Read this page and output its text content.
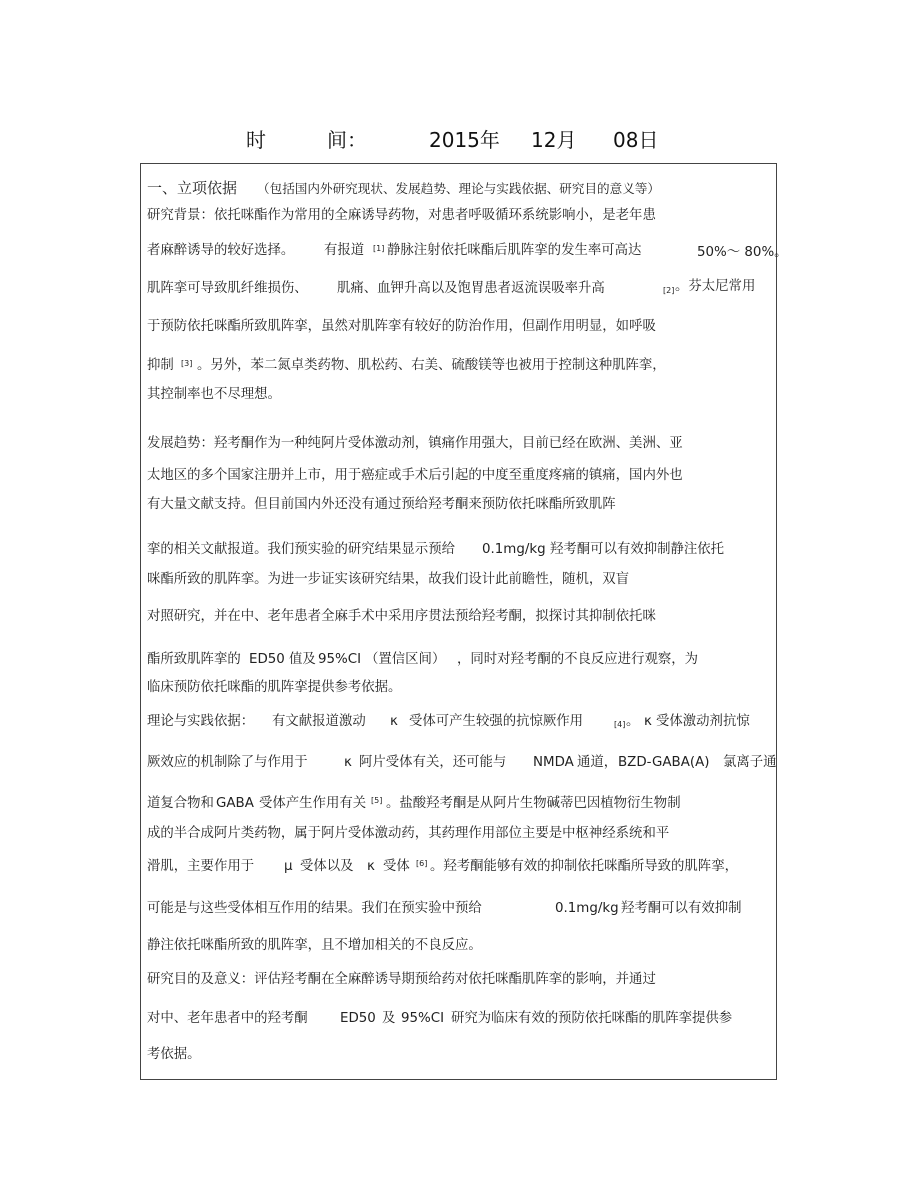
时	间：	2015年 12月 08日
一、立项依据 （包括国内外研究现状、发展趋势、理论与实践依据、研究目的意义等）
研究背景：依托咪酯作为常用的全麻诱导药物，对患者呼吸循环系统影响小，是老年患
者麻醉诱导的较好选择。 有报道 [1] 静脉注射依托咪酯后肌阵挛的发生率可高达	50%～ 80%。
肌阵挛可导致肌纤维损伤、 肌痛、血钾升高以及饱胃患者返流误吸率升高	[2] 。芬太尼常用
于预防依托咪酯所致肌阵挛，虽然对肌阵挛有较好的防治作用，但副作用明显，如呼吸
抑制 [3] 。另外，苯二氮卓类药物、肌松药、右美、硫酸镁等也被用于控制这种肌阵挛，
其控制率也不尽理想。
发展趋势：羟考酮作为一种纯阿片受体激动剂，镇痛作用强大，目前已经在欧洲、美洲、亚
太地区的多个国家注册并上市，用于癌症或手术后引起的中度至重度疼痛的镇痛，国内外也
有大量文献支持。但目前国内外还没有通过预给羟考酮来预防依托咪酯所致肌阵
挛的相关文献报道。我们预实验的研究结果显示预给 0.1mg/kg 羟考酮可以有效抑制静注依托
咪酯所致的肌阵挛。为进一步证实该研究结果，故我们设计此前瞻性，随机，双盲
对照研究，并在中、老年患者全麻手术中采用序贯法预给羟考酮，拟探讨其抑制依托咪
酯所致肌阵挛的 ED50 值及 95%CI （置信区间） ，同时对羟考酮的不良反应进行观察，为
临床预防依托咪酯的肌阵挛提供参考依据。
理论与实践依据： 有文献报道激动 κ 受体可产生较强的抗惊厥作用	[4] 。 κ 受体激动剂抗惊
厥效应的机制除了与作用于	κ 阿片受体有关，还可能与 NMDA 通道， BZD-GABA(A) 氯离子通
道复合物和 GABA 受体产生作用有关 [5] 。盐酸羟考酮是从阿片生物碱蒂巴因植物衍生物制
成的半合成阿片类药物，属于阿片受体激动药，其药理作用部位主要是中枢神经系统和平
滑肌，主要作用于 μ 受体以及 κ 受体 [6] 。羟考酮能够有效的抑制依托咪酯所导致的肌阵挛，
可能是与这些受体相互作用的结果。我们在预实验中预给	0.1mg/kg 羟考酮可以有效抑制
静注依托咪酯所致的肌阵挛，且不增加相关的不良反应。
研究目的及意义：评估羟考酮在全麻醉诱导期预给药对依托咪酯肌阵挛的影响，并通过
对中、老年患者中的羟考酮 ED50 及 95%CI 研究为临床有效的预防依托咪酯的肌阵挛提供参
考依据。
